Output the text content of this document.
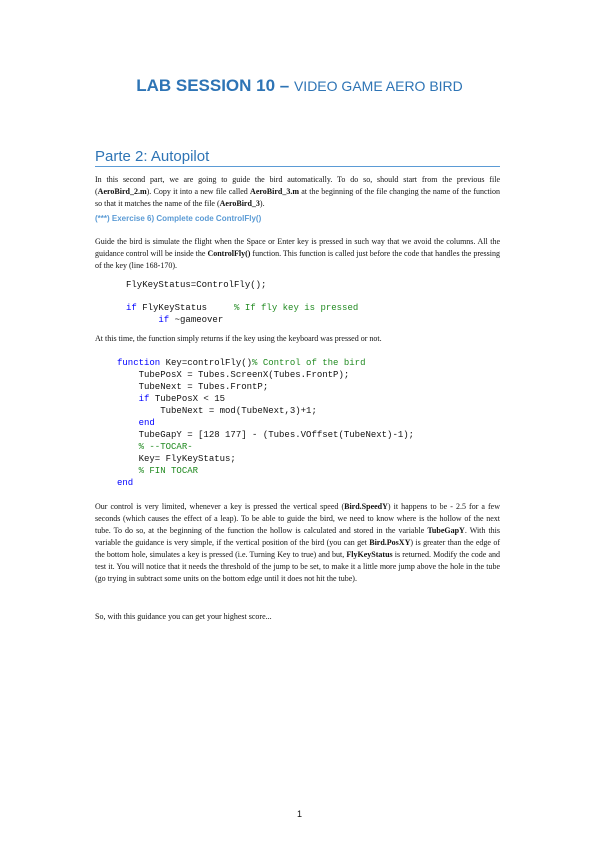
LAB SESSION 10 – VIDEO GAME AERO BIRD
Parte 2: Autopilot

In this second part, we are going to guide the bird automatically. To do so, should start from the previous file (AeroBird_2.m). Copy it into a new file called AeroBird_3.m at the beginning of the file changing the name of the function so that it matches the name of the file (AeroBird_3).

(***) Exercise 6) Complete code ControlFly()

Guide the bird is simulate the flight when the Space or Enter key is pressed in such way that we avoid the columns. All the guidance control will be inside the ControlFly() function. This function is called just before the code that handles the pressing of the key (line 168-170).

FlyKeyStatus=ControlFly();

if FlyKeyStatus     % If fly key is pressed
if ~gameover

At this time, the function simply returns if the key using the keyboard was pressed or not.

function Key=controlFly()% Control of the bird
TubePosX = Tubes.ScreenX(Tubes.FrontP);
TubeNext = Tubes.FrontP;
if TubePosX < 15
TubeNext = mod(TubeNext,3)+1;
end
TubeGapY = [128 177] - (Tubes.VOffset(TubeNext)-1);
% --TOCAR-
Key= FlyKeyStatus;
% FIN TOCAR
end

Our control is very limited, whenever a key is pressed the vertical speed (Bird.SpeedY) it happens to be - 2.5 for a few seconds (which causes the effect of a leap). To be able to guide the bird, we need to know where is the hollow of the next tube. To do so, at the beginning of the function the hollow is calculated and stored in the variable TubeGapY. With this variable the guidance is very simple, if the vertical position of the bird (you can get Bird.PosXY) is greater than the edge of the bottom hole, simulates a key is pressed (i.e. Turning Key to true) and but, FlyKeyStatus is returned. Modify the code and test it. You will notice that it needs the threshold of the jump to be set, to make it a little more jump above the hole in the tube (go trying in subtract some units on the bottom edge until it does not hit the tube).

So, with this guidance you can get your highest score...

1
